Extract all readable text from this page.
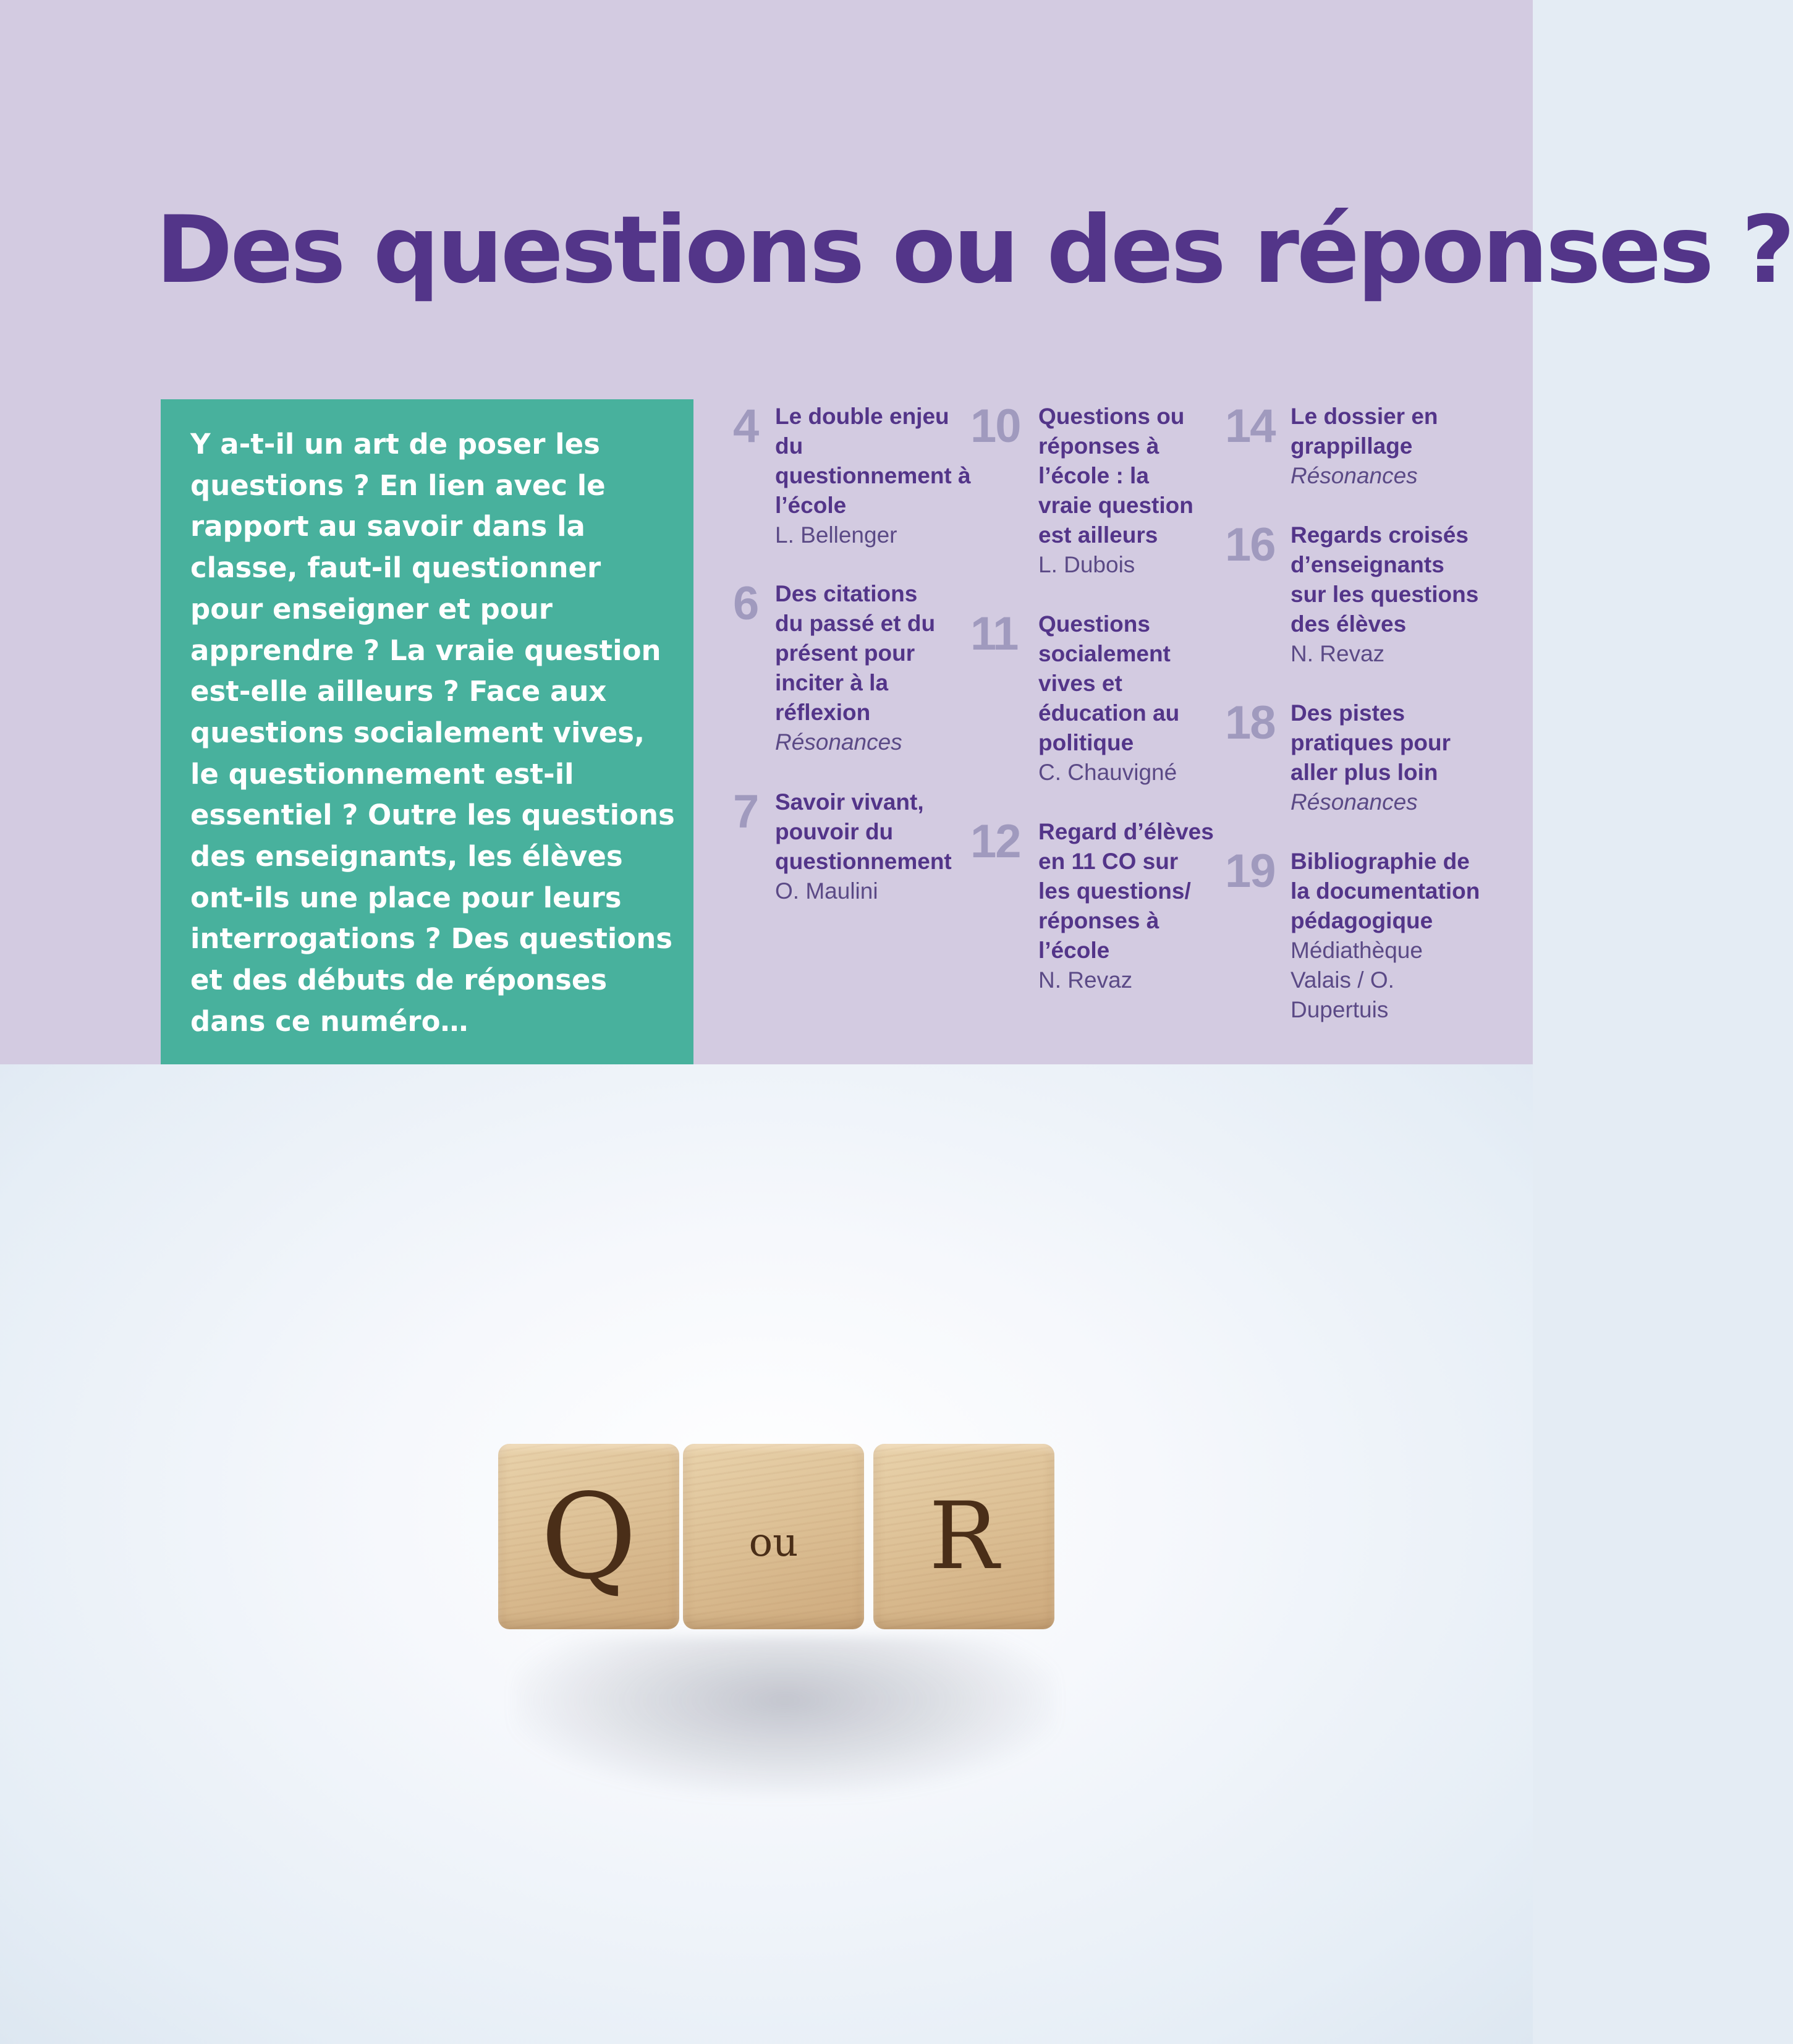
Des questions ou des réponses ?

Y a-t-il un art de poser les questions ? En lien avec le rapport au savoir dans la classe, faut-il questionner pour enseigner et pour apprendre ? La vraie question est-elle ailleurs ? Face aux questions socialement vives, le questionnement est-il essentiel ? Outre les questions des enseignants, les élèves ont-ils une place pour leurs interrogations ? Des questions et des débuts de réponses dans ce numéro…

4 Le double enjeu du questionnement à l’école
L. Bellenger
6 Des citations du passé et du présent pour inciter à la réflexion
Résonances
7 Savoir vivant, pouvoir du questionnement
O. Maulini
10 Questions ou réponses à l’école : la vraie question est ailleurs
L. Dubois
11 Questions socialement vives et éducation au politique
C. Chauvigné
12 Regard d’élèves en 11 CO sur les questions/ réponses à l’école
N. Revaz
14 Le dossier en grappillage
Résonances
16 Regards croisés d’enseignants sur les questions des élèves
N. Revaz
18 Des pistes pratiques pour aller plus loin
Résonances
19 Bibliographie de la documentation pédagogique
Médiathèque Valais / O. Dupertuis
Q	ou	R
